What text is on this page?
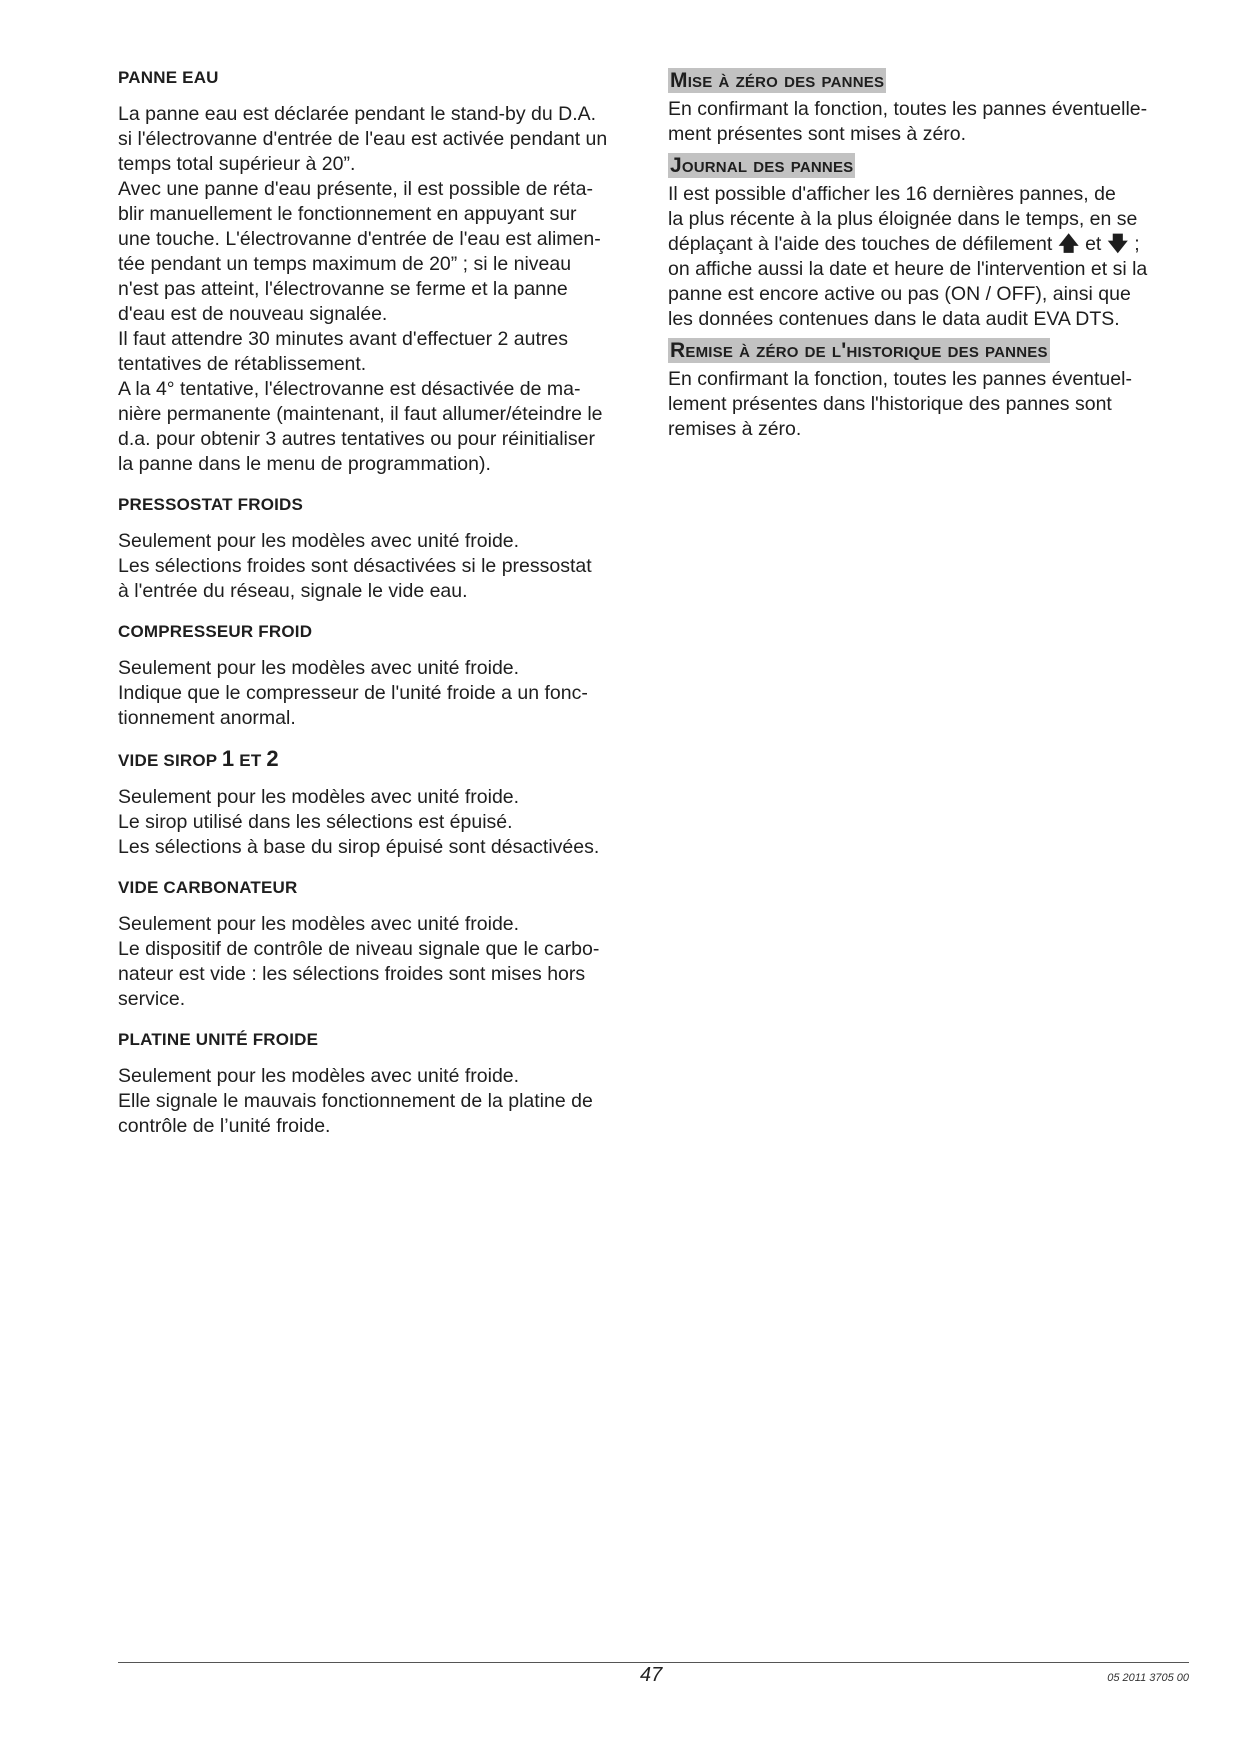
PANNE EAU

La panne eau est déclarée pendant le stand-by du D.A.
si l'électrovanne d'entrée de l'eau est activée pendant un
temps total supérieur à 20”.
Avec une panne d'eau présente, il est possible de réta-
blir manuellement le fonctionnement en appuyant sur
une touche. L'électrovanne d'entrée de l'eau est alimen-
tée pendant un temps maximum de 20” ; si le niveau
n'est pas atteint, l'électrovanne se ferme et la panne
d'eau est de nouveau signalée.
Il faut attendre 30 minutes avant d'effectuer 2 autres
tentatives de rétablissement.
A la 4° tentative, l'électrovanne est désactivée de ma-
nière permanente (maintenant, il faut allumer/éteindre le
d.a. pour obtenir 3 autres tentatives ou pour réinitialiser
la panne dans le menu de programmation).

PRESSOSTAT FROIDS

Seulement pour les modèles avec unité froide.
Les sélections froides sont désactivées si le pressostat
à l'entrée du réseau, signale le vide eau.

COMPRESSEUR FROID

Seulement pour les modèles avec unité froide.
Indique que le compresseur de l'unité froide a un fonc-
tionnement anormal.

VIDE SIROP 1 ET 2

Seulement pour les modèles avec unité froide.
Le sirop utilisé dans les sélections est épuisé.
Les sélections à base du sirop épuisé sont désactivées.

VIDE CARBONATEUR

Seulement pour les modèles avec unité froide.
Le dispositif de contrôle de niveau signale que le carbo-
nateur est vide : les sélections froides sont mises hors
service.

PLATINE UNITÉ FROIDE

Seulement pour les modèles avec unité froide.
Elle signale le mauvais fonctionnement de la platine de
contrôle de l’unité froide.

Mise à zéro des pannes

En confirmant la fonction, toutes les pannes éventuelle-
ment présentes sont mises à zéro.

Journal des pannes

Il est possible d'afficher les 16 dernières pannes, de
la plus récente à la plus éloignée dans le temps, en se
déplaçant à l'aide des touches de défilement 🡅 et 🡇 ;
on affiche aussi la date et heure de l'intervention et si la
panne est encore active ou pas (ON / OFF), ainsi que
les données contenues dans le data audit EVA DTS.

Remise à zéro de l'historique des pannes

En confirmant la fonction, toutes les pannes éventuel-
lement présentes dans l'historique des pannes sont
remises à zéro.

47	05 2011 3705 00
